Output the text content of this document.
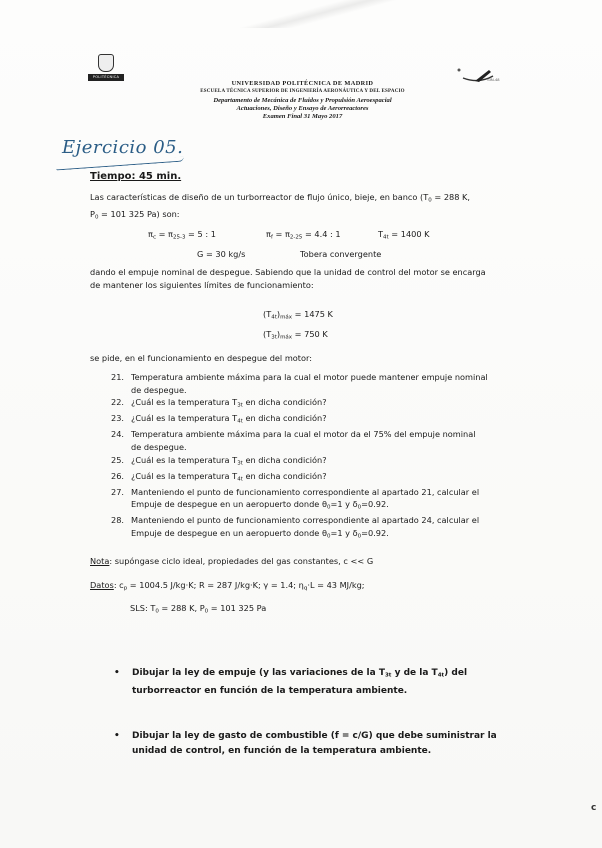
POLITÉCNICA
UNIVERSIDAD POLITÉCNICA DE MADRID
ESCUELA TÉCNICA SUPERIOR DE INGENIERÍA AERONÁUTICA Y DEL ESPACIO
Departamento de Mecánica de Fluidos y Propulsión Aeroespacial
Actuaciones, Diseño y Ensayo de Aerorreactores
Examen Final 31 Mayo 2017
SIN-48
Ejercicio 05.
Tiempo: 45 min.
Las características de diseño de un turborreactor de flujo único, bieje, en banco ($T_0 = 288$ K,
$P_0 = 101$ 325 Pa) son:
$\pi_c = \pi_{25-3} = 5$ : 1	$\pi_f = \pi_{2-25} = 4.4$ : 1	$T_{4t} = 1400$ K
G = 30 kg/s	Tobera convergente
dando el empuje nominal de despegue. Sabiendo que la unidad de control del motor se encarga
de mantener los siguientes límites de funcionamiento:
$(T_{4t})_{máx} = 1475$ K
$(T_{3t})_{máx} = 750$ K
se pide, en el funcionamiento en despegue del motor:
21. Temperatura ambiente máxima para la cual el motor puede mantener empuje nominal
de despegue.
22. ¿Cuál es la temperatura $T_{3t}$ en dicha condición?
23. ¿Cuál es la temperatura $T_{4t}$ en dicha condición?
24. Temperatura ambiente máxima para la cual el motor da el 75% del empuje nominal
de despegue.
25. ¿Cuál es la temperatura $T_{3t}$ en dicha condición?
26. ¿Cuál es la temperatura $T_{4t}$ en dicha condición?
27. Manteniendo el punto de funcionamiento correspondiente al apartado 21, calcular el
Empuje de despegue en un aeropuerto donde $\theta_0=1$ y $\delta_0=0.92$.
28. Manteniendo el punto de funcionamiento correspondiente al apartado 24, calcular el
Empuje de despegue en un aeropuerto donde $\theta_0=1$ y $\delta_0=0.92$.
Nota: supóngase ciclo ideal, propiedades del gas constantes, c << G
Datos: $c_p = 1004.5$ J/kg·K; R = 287 J/kg·K; γ = 1.4; $\eta_q\cdot L = 43$ MJ/kg;
SLS: $T_0 = 288$ K, $P_0 = 101$ 325 Pa
• Dibujar la ley de empuje (y las variaciones de la $T_{3t}$ y de la $T_{4t}$) del
turborreactor en función de la temperatura ambiente.
• Dibujar la ley de gasto de combustible (f = c/G) que debe suministrar la
unidad de control, en función de la temperatura ambiente.
c
